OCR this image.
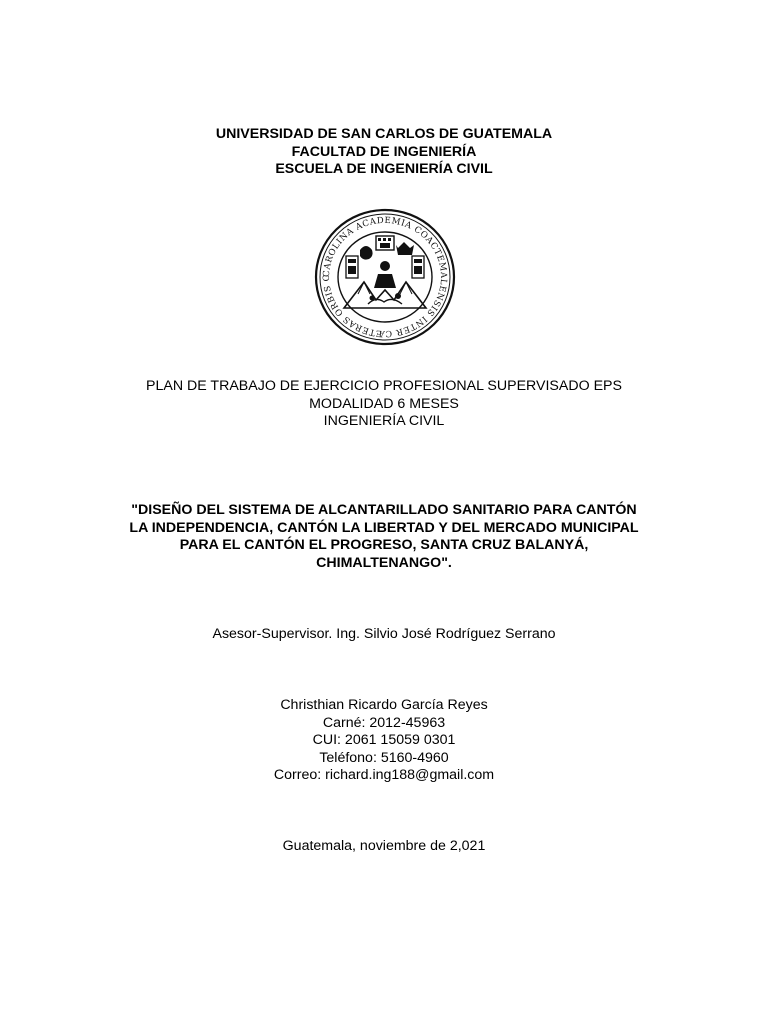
UNIVERSIDAD DE SAN CARLOS DE GUATEMALA
FACULTAD DE INGENIERÍA
ESCUELA DE INGENIERÍA CIVIL
CAROLINA ACADEMIA COACTEMALENSIS INTER CÆTERAS ORBIS C
PLAN DE TRABAJO DE EJERCICIO PROFESIONAL SUPERVISADO EPS
MODALIDAD 6 MESES
INGENIERÍA CIVIL
"DISEÑO DEL SISTEMA DE ALCANTARILLADO SANITARIO PARA CANTÓN
LA INDEPENDENCIA, CANTÓN LA LIBERTAD Y DEL MERCADO MUNICIPAL
PARA EL CANTÓN EL PROGRESO, SANTA CRUZ BALANYÁ,
CHIMALTENANGO".
Asesor-Supervisor. Ing. Silvio José Rodríguez Serrano
Christhian Ricardo García Reyes
Carné: 2012-45963
CUI: 2061 15059 0301
Teléfono: 5160-4960
Correo: richard.ing188@gmail.com
Guatemala, noviembre de 2,021
